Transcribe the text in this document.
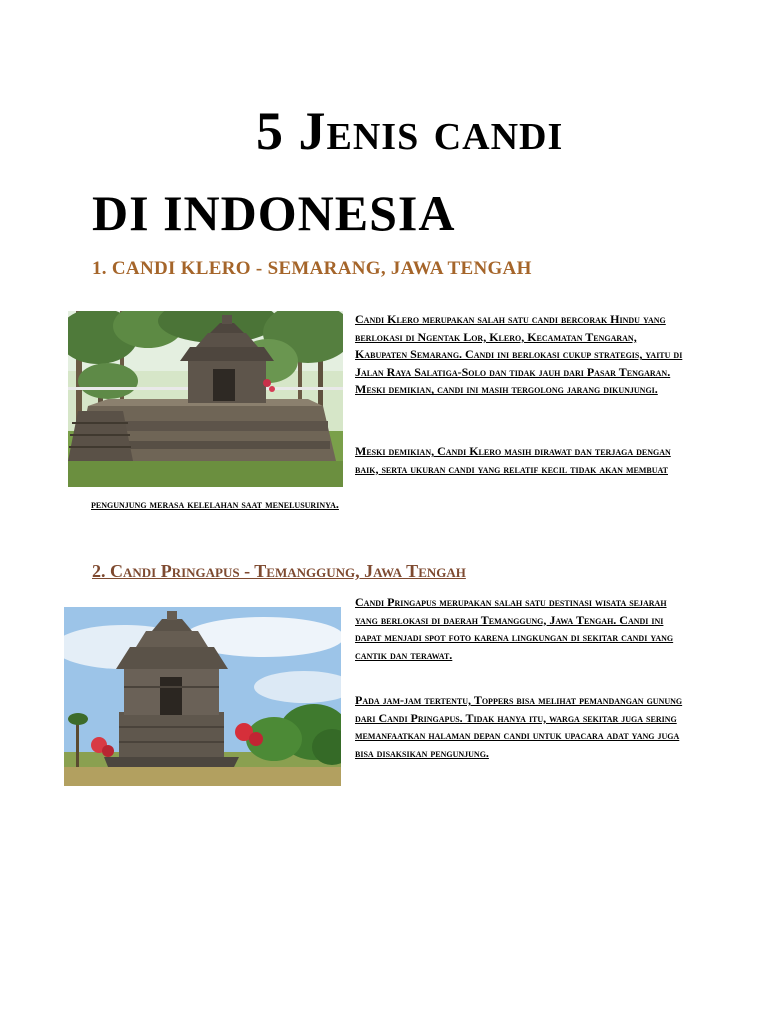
5 Jenis candi
DI INDONESIA
1. CANDI KLERO - SEMARANG, JAWA TENGAH

Candi Klero merupakan salah satu candi bercorak Hindu yang berlokasi di Ngentak Lor, Klero, Kecamatan Tengaran, Kabupaten Semarang. Candi ini berlokasi cukup strategis, yaitu di Jalan Raya Salatiga-Solo dan tidak jauh dari Pasar Tengaran. Meski demikian, candi ini masih tergolong jarang dikunjungi.

Meski demikian, Candi Klero masih dirawat dan terjaga dengan baik, serta ukuran candi yang relatif kecil tidak akan membuat

pengunjung merasa kelelahan saat menelusurinya.

2. Candi Pringapus - Temanggung, Jawa Tengah

Candi Pringapus merupakan salah satu destinasi wisata sejarah yang berlokasi di daerah Temanggung, Jawa Tengah. Candi ini dapat menjadi spot foto karena lingkungan di sekitar candi yang cantik dan terawat.

Pada jam-jam tertentu, Toppers bisa melihat pemandangan gunung dari Candi Pringapus. Tidak hanya itu, warga sekitar juga sering memanfaatkan halaman depan candi untuk upacara adat yang juga bisa disaksikan pengunjung.
